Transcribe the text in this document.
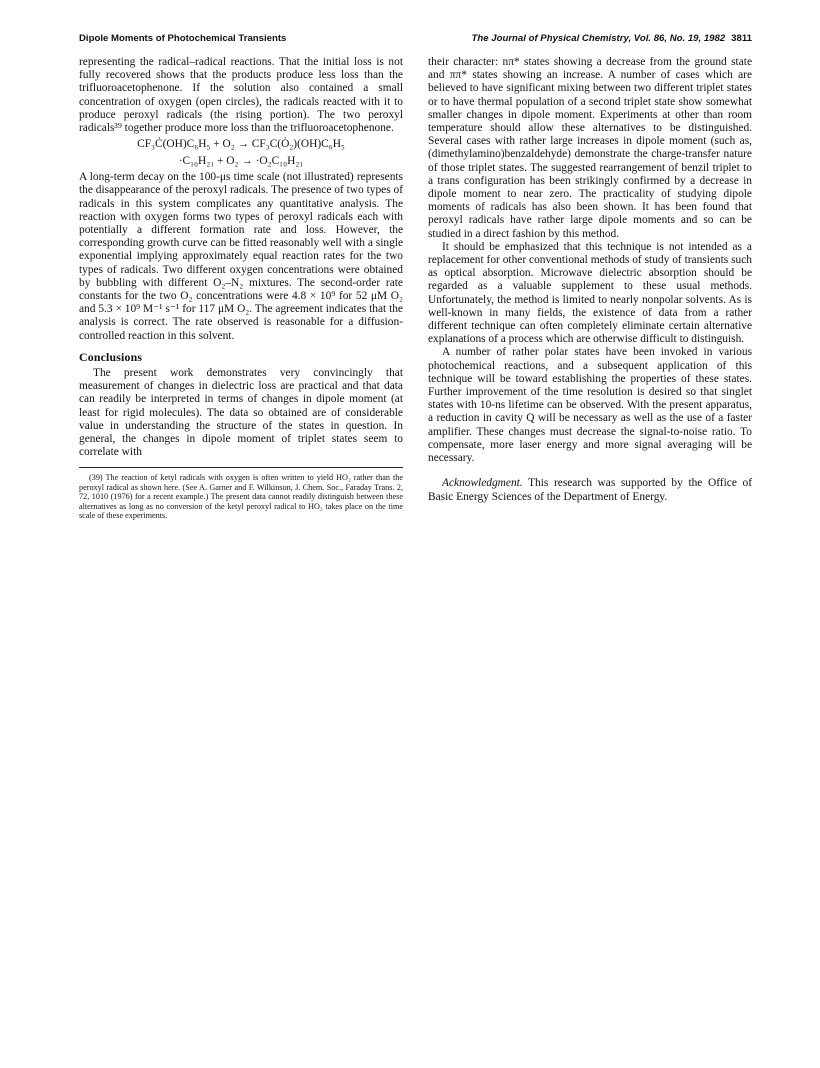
Dipole Moments of Photochemical Transients	The Journal of Physical Chemistry, Vol. 86, No. 19, 1982 3811

representing the radical–radical reactions. That the initial loss is not fully recovered shows that the products produce less loss than the trifluoroacetophenone. If the solution also contained a small concentration of oxygen (open circles), the radicals reacted with it to produce peroxyl radicals (the rising portion). The two peroxyl radicals³⁹ together produce more loss than the trifluoroacetophenone.

CF₃Ċ(OH)C₆H₅ + O₂ → CF₃C(Ȯ₂)(OH)C₆H₅
·C₁₀H₂₁ + O₂ → ·O₂C₁₀H₂₁

A long-term decay on the 100-μs time scale (not illustrated) represents the disappearance of the peroxyl radicals. The presence of two types of radicals in this system complicates any quantitative analysis. The reaction with oxygen forms two types of peroxyl radicals each with potentially a different formation rate and loss. However, the corresponding growth curve can be fitted reasonably well with a single exponential implying approximately equal reaction rates for the two types of radicals. Two different oxygen concentrations were obtained by bubbling with different O₂–N₂ mixtures. The second-order rate constants for the two O₂ concentrations were 4.8 × 10⁹ for 52 μM O₂ and 5.3 × 10⁹ M⁻¹ s⁻¹ for 117 μM O₂. The agreement indicates that the analysis is correct. The rate observed is reasonable for a diffusion-controlled reaction in this solvent.

Conclusions

The present work demonstrates very convincingly that measurement of changes in dielectric loss are practical and that data can readily be interpreted in terms of changes in dipole moment (at least for rigid molecules). The data so obtained are of considerable value in understanding the structure of the states in question. In general, the changes in dipole moment of triplet states seem to correlate with

(39) The reaction of ketyl radicals with oxygen is often written to yield HO₂ rather than the peroxyl radical as shown here. (See A. Garner and F. Wilkinson, J. Chem. Soc., Faraday Trans. 2, 72, 1010 (1976) for a recent example.) The present data cannot readily distinguish between these alternatives as long as no conversion of the ketyl peroxyl radical to HO₂ takes place on the time scale of these experiments.

their character: nπ* states showing a decrease from the ground state and ππ* states showing an increase. A number of cases which are believed to have significant mixing between two different triplet states or to have thermal population of a second triplet state show somewhat smaller changes in dipole moment. Experiments at other than room temperature should allow these alternatives to be distinguished. Several cases with rather large increases in dipole moment (such as, (dimethylamino)benzaldehyde) demonstrate the charge-transfer nature of those triplet states. The suggested rearrangement of benzil triplet to a trans configuration has been strikingly confirmed by a decrease in dipole moment to near zero. The practicality of studying dipole moments of radicals has also been shown. It has been found that peroxyl radicals have rather large dipole moments and so can be studied in a direct fashion by this method.

It should be emphasized that this technique is not intended as a replacement for other conventional methods of study of transients such as optical absorption. Microwave dielectric absorption should be regarded as a valuable supplement to these usual methods. Unfortunately, the method is limited to nearly nonpolar solvents. As is well-known in many fields, the existence of data from a rather different technique can often completely eliminate certain alternative explanations of a process which are otherwise difficult to distinguish.

A number of rather polar states have been invoked in various photochemical reactions, and a subsequent application of this technique will be toward establishing the properties of these states. Further improvement of the time resolution is desired so that singlet states with 10-ns lifetime can be observed. With the present apparatus, a reduction in cavity Q will be necessary as well as the use of a faster amplifier. These changes must decrease the signal-to-noise ratio. To compensate, more laser energy and more signal averaging will be necessary.

Acknowledgment. This research was supported by the Office of Basic Energy Sciences of the Department of Energy.
